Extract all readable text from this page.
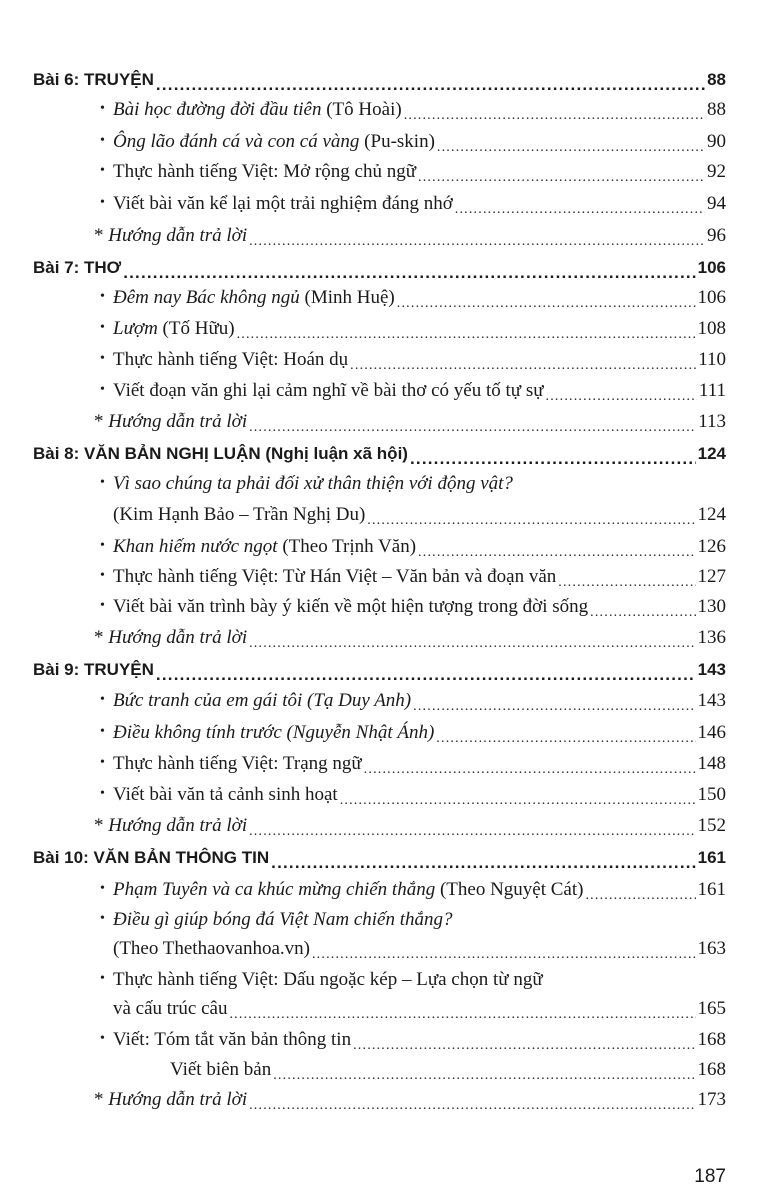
Bài 6: TRUYỆN .....	88
• Bài học đường đời đầu tiên (Tô Hoài) .....	88
• Ông lão đánh cá và con cá vàng (Pu-skin) .....	90
• Thực hành tiếng Việt: Mở rộng chủ ngữ .....	92
• Viết bài văn kể lại một trải nghiệm đáng nhớ .....	94
* Hướng dẫn trả lời .....	96
Bài 7: THƠ .....	106
• Đêm nay Bác không ngủ (Minh Huệ) .....	106
• Lượm (Tố Hữu) .....	108
• Thực hành tiếng Việt: Hoán dụ .....	110
• Viết đoạn văn ghi lại cảm nghĩ về bài thơ có yếu tố tự sự .....	111
* Hướng dẫn trả lời .....	113
Bài 8: VĂN BẢN NGHỊ LUẬN (Nghị luận xã hội) .....	124
• Vì sao chúng ta phải đối xử thân thiện với động vật?
(Kim Hạnh Bảo – Trần Nghị Du) .....	124
• Khan hiếm nước ngọt (Theo Trịnh Văn) .....	126
• Thực hành tiếng Việt: Từ Hán Việt – Văn bản và đoạn văn .....	127
• Viết bài văn trình bày ý kiến về một hiện tượng trong đời sống .....	130
* Hướng dẫn trả lời .....	136
Bài 9: TRUYỆN .....	143
• Bức tranh của em gái tôi (Tạ Duy Anh) .....	143
• Điều không tính trước (Nguyễn Nhật Ánh) .....	146
• Thực hành tiếng Việt: Trạng ngữ .....	148
• Viết bài văn tả cảnh sinh hoạt .....	150
* Hướng dẫn trả lời .....	152
Bài 10: VĂN BẢN THÔNG TIN .....	161
• Phạm Tuyên và ca khúc mừng chiến thắng (Theo Nguyệt Cát) .....	161
• Điều gì giúp bóng đá Việt Nam chiến thắng?
(Theo Thethaovanhoa.vn) .....	163
• Thực hành tiếng Việt: Dấu ngoặc kép – Lựa chọn từ ngữ
và cấu trúc câu .....	165
• Viết: Tóm tắt văn bản thông tin .....	168
Viết biên bản .....	168
* Hướng dẫn trả lời .....	173
187
